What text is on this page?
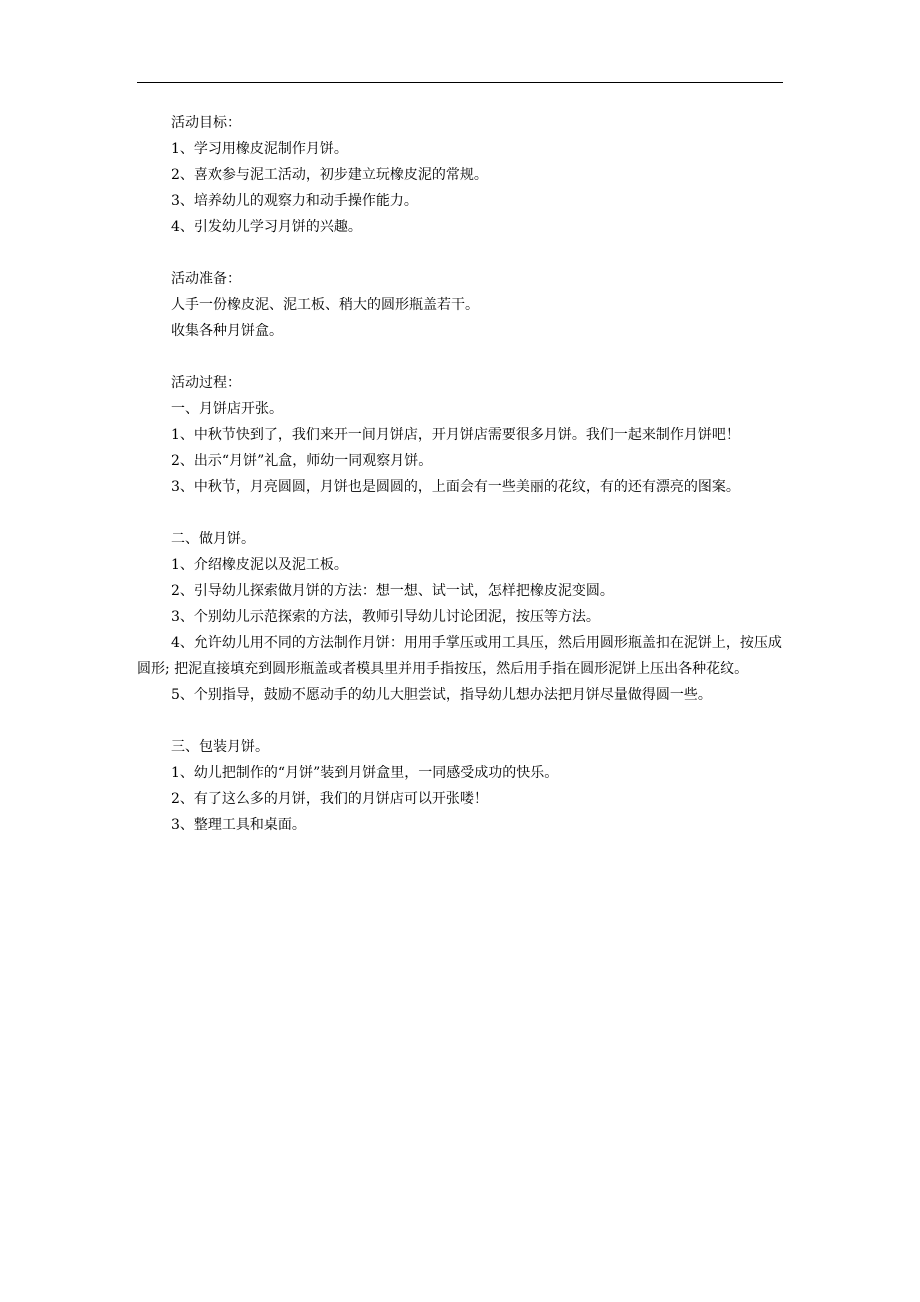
活动目标：

1、学习用橡皮泥制作月饼。

2、喜欢参与泥工活动，初步建立玩橡皮泥的常规。

3、培养幼儿的观察力和动手操作能力。

4、引发幼儿学习月饼的兴趣。

活动准备：

人手一份橡皮泥、泥工板、稍大的圆形瓶盖若干。

收集各种月饼盒。

活动过程：

一、月饼店开张。

1、中秋节快到了，我们来开一间月饼店，开月饼店需要很多月饼。我们一起来制作月饼吧！

2、出示“月饼”礼盒，师幼一同观察月饼。

3、中秋节，月亮圆圆，月饼也是圆圆的，上面会有一些美丽的花纹，有的还有漂亮的图案。

二、做月饼。

1、介绍橡皮泥以及泥工板。

2、引导幼儿探索做月饼的方法：想一想、试一试，怎样把橡皮泥变圆。

3、个别幼儿示范探索的方法，教师引导幼儿讨论团泥，按压等方法。

4、允许幼儿用不同的方法制作月饼：用用手掌压或用工具压，然后用圆形瓶盖扣在泥饼上，按压成圆形; 把泥直接填充到圆形瓶盖或者模具里并用手指按压，然后用手指在圆形泥饼上压出各种花纹。

5、个别指导，鼓励不愿动手的幼儿大胆尝试，指导幼儿想办法把月饼尽量做得圆一些。

三、包装月饼。

1、幼儿把制作的“月饼”装到月饼盒里，一同感受成功的快乐。

2、有了这么多的月饼，我们的月饼店可以开张喽！

3、整理工具和桌面。
